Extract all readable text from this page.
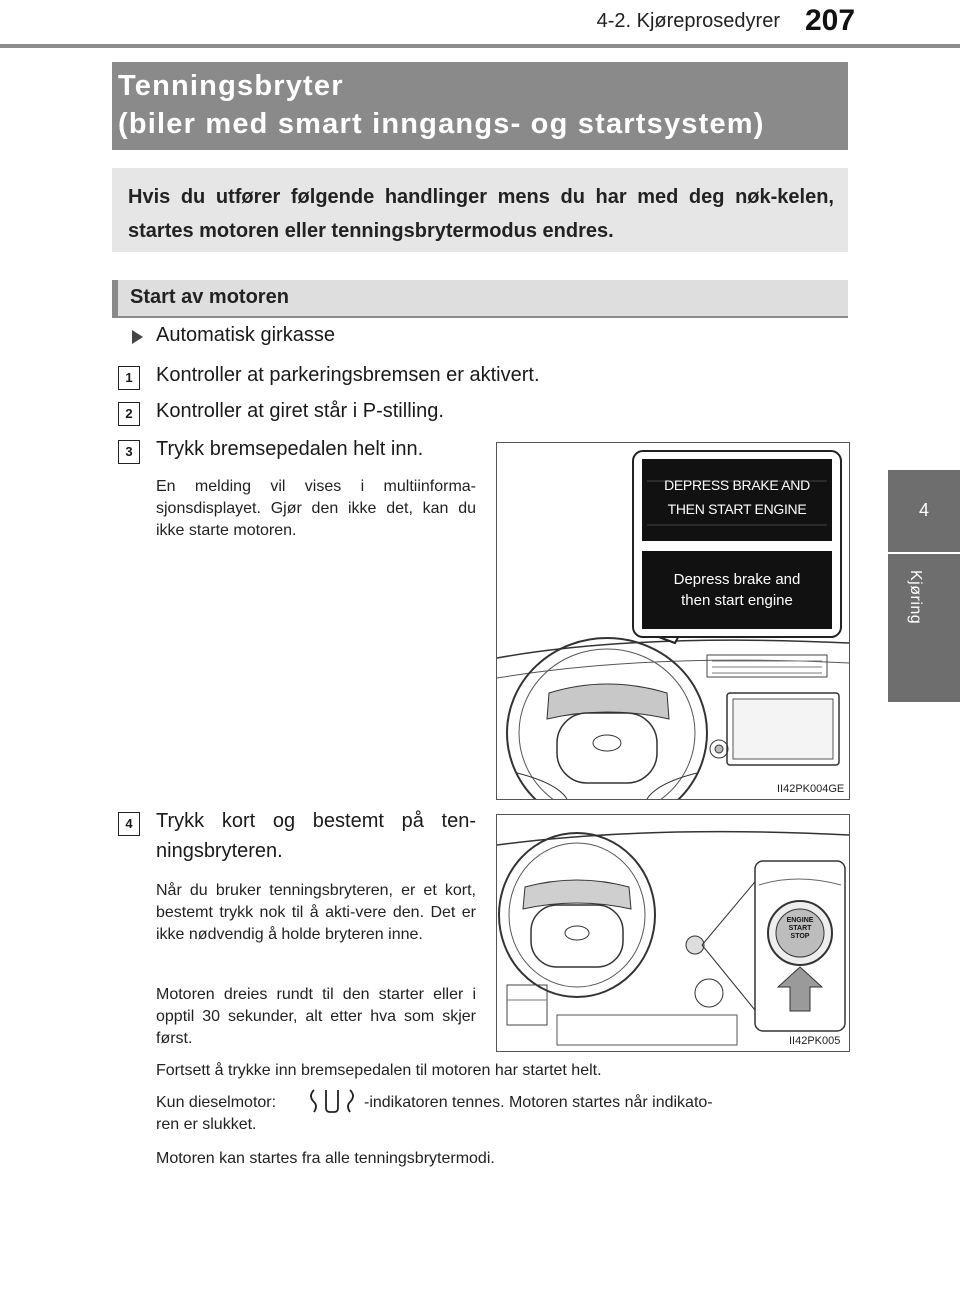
4-2. Kjøreprosedyrer 207
4
Kjøring
Tenningsbryter
(biler med smart inngangs- og startsystem)
Hvis du utfører følgende handlinger mens du har med deg nøk-kelen, startes motoren eller tenningsbrytermodus endres.
Start av motoren
Automatisk girkasse
1	Kontroller at parkeringsbremsen er aktivert.
2	Kontroller at giret står i P-stilling.
3	Trykk bremsepedalen helt inn.
En melding vil vises i multiinforma-sjonsdisplayet. Gjør den ikke det, kan du ikke starte motoren.
DEPRESS BRAKE AND
THEN START ENGINE
Depress brake and
then start engine
II42PK004GE
4	Trykk kort og bestemt på ten-
ningsbryteren.
Når du bruker tenningsbryteren, er et kort, bestemt trykk nok til å akti-vere den. Det er ikke nødvendig å holde bryteren inne.
Motoren dreies rundt til den starter eller i opptil 30 sekunder, alt etter hva som skjer først.
ENGINE
START
STOP
II42PK005
Fortsett å trykke inn bremsepedalen til motoren har startet helt.
Kun dieselmotor:	-indikatoren tennes. Motoren startes når indikato-
ren er slukket.
Motoren kan startes fra alle tenningsbrytermodi.
